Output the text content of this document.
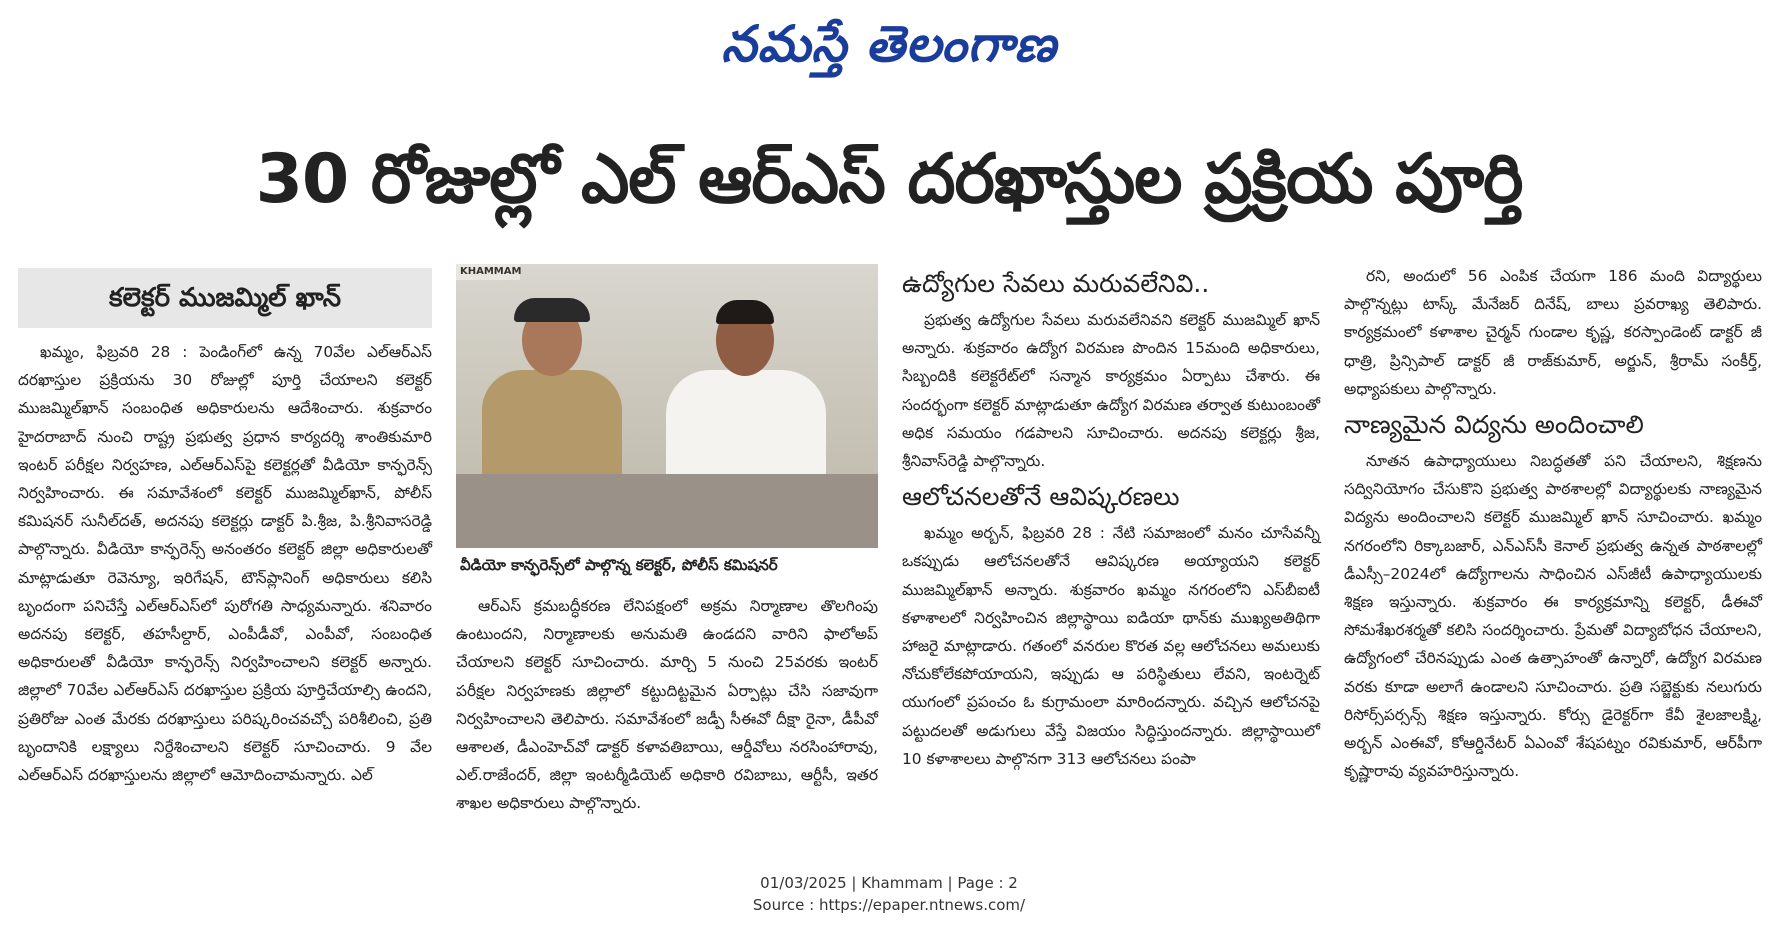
నమస్తే తెలంగాణ
30 రోజుల్లో ఎల్ ఆర్ఎస్ దరఖాస్తుల ప్రక్రియ పూర్తి
కలెక్టర్ ముజమ్మిల్ ఖాన్

ఖమ్మం, ఫిబ్రవరి 28 : పెండింగ్‌లో ఉన్న 70వేల ఎల్ఆర్ఎస్ దరఖాస్తుల ప్రక్రియను 30 రోజుల్లో పూర్తి చేయాలని కలెక్టర్ ముజమ్మిల్‌ఖాన్ సంబంధిత అధికారులను ఆదేశించారు. శుక్రవారం హైదరాబాద్ నుంచి రాష్ట్ర ప్రభుత్వ ప్రధాన కార్యదర్శి శాంతికుమారి ఇంటర్ పరీక్షల నిర్వహణ, ఎల్ఆర్ఎస్‌పై కలెక్టర్లతో వీడియో కాన్ఫరెన్స్ నిర్వహించారు. ఈ సమావేశంలో కలెక్టర్ ముజమ్మిల్‌ఖాన్, పోలీస్ కమిషనర్ సునీల్‌దత్, అదనపు కలెక్టర్లు డాక్టర్ పి.శ్రీజ, పి.శ్రీనివాసరెడ్డి పాల్గొన్నారు. వీడియో కాన్ఫరెన్స్ అనంతరం కలెక్టర్ జిల్లా అధికారులతో మాట్లాడుతూ రెవెన్యూ, ఇరిగేషన్, టౌన్‌ప్లానింగ్ అధికారులు కలిసి బృందంగా పనిచేస్తే ఎల్ఆర్ఎస్‌లో పురోగతి సాధ్యమన్నారు. శనివారం అదనపు కలెక్టర్, తహసీల్దార్, ఎంపీడీవో, ఎంపీవో, సంబంధిత అధికారులతో వీడియో కాన్ఫరెన్స్ నిర్వహించాలని కలెక్టర్ అన్నారు. జిల్లాలో 70వేల ఎల్ఆర్ఎస్ దరఖాస్తుల ప్రక్రియ పూర్తిచేయాల్సి ఉందని, ప్రతిరోజు ఎంత మేరకు దరఖాస్తులు పరిష్కరించవచ్చో పరిశీలించి, ప్రతి బృందానికి లక్ష్యాలు నిర్దేశించాలని కలెక్టర్ సూచించారు. 9 వేల ఎల్ఆర్ఎస్ దరఖాస్తులను జిల్లాలో ఆమోదించామన్నారు. ఎల్

KHAMMAM
వీడియో కాన్ఫరెన్స్‌లో పాల్గొన్న కలెక్టర్, పోలీస్ కమిషనర్

ఆర్ఎస్ క్రమబద్ధీకరణ లేనిపక్షంలో అక్రమ నిర్మాణాల తొలగింపు ఉంటుందని, నిర్మాణాలకు అనుమతి ఉండదని వారిని ఫాలోఅప్ చేయాలని కలెక్టర్ సూచించారు. మార్చి 5 నుంచి 25వరకు ఇంటర్ పరీక్షల నిర్వహణకు జిల్లాలో కట్టుదిట్టమైన ఏర్పాట్లు చేసి సజావుగా నిర్వహించాలని తెలిపారు. సమావేశంలో జడ్పీ సీఈవో దీక్షా రైనా, డీపీవో ఆశాలత, డీఎంహెచ్‌వో డాక్టర్ కళావతిబాయి, ఆర్డీవోలు నరసింహారావు, ఎల్.రాజేందర్, జిల్లా ఇంటర్మీడియెట్ అధికారి రవిబాబు, ఆర్టీసీ, ఇతర శాఖల అధికారులు పాల్గొన్నారు.

ఉద్యోగుల సేవలు మరువలేనివి..

ప్రభుత్వ ఉద్యోగుల సేవలు మరువలేనివని కలెక్టర్ ముజమ్మిల్ ఖాన్ అన్నారు. శుక్రవారం ఉద్యోగ విరమణ పొందిన 15మంది అధికారులు, సిబ్బందికి కలెక్టరేట్‌లో సన్మాన కార్యక్రమం ఏర్పాటు చేశారు. ఈ సందర్భంగా కలెక్టర్ మాట్లాడుతూ ఉద్యోగ విరమణ తర్వాత కుటుంబంతో అధిక సమయం గడపాలని సూచించారు. అదనపు కలెక్టర్లు శ్రీజ, శ్రీనివాస్‌రెడ్డి పాల్గొన్నారు.

ఆలోచనలతోనే ఆవిష్కరణలు

ఖమ్మం అర్బన్, ఫిబ్రవరి 28 : నేటి సమాజంలో మనం చూసేవన్నీ ఒకప్పుడు ఆలోచనలతోనే ఆవిష్కరణ అయ్యాయని కలెక్టర్ ముజమ్మిల్‌ఖాన్ అన్నారు. శుక్రవారం ఖమ్మం నగరంలోని ఎస్‌బీఐటీ కళాశాలలో నిర్వహించిన జిల్లాస్థాయి ఐడియా థాన్‌కు ముఖ్యఅతిథిగా హాజరై మాట్లాడారు. గతంలో వనరుల కొరత వల్ల ఆలోచనలు అమలుకు నోచుకోలేకపోయాయని, ఇప్పుడు ఆ పరిస్థితులు లేవని, ఇంటర్నెట్ యుగంలో ప్రపంచం ఓ కుగ్రామంలా మారిందన్నారు. వచ్చిన ఆలోచనపై పట్టుదలతో అడుగులు వేస్తే విజయం సిద్ధిస్తుందన్నారు. జిల్లాస్థాయిలో 10 కళాశాలలు పాల్గొనగా 313 ఆలోచనలు పంపా

రని, అందులో 56 ఎంపిక చేయగా 186 మంది విద్యార్థులు పాల్గొన్నట్లు టాస్క్ మేనేజర్ దినేష్, బాలు ప్రవరాఖ్య తెలిపారు. కార్యక్రమంలో కళాశాల చైర్మన్ గుండాల కృష్ణ, కరస్పాండెంట్ డాక్టర్ జీ ధాత్రి, ప్రిన్సిపాల్ డాక్టర్ జీ రాజ్‌కుమార్, అర్జున్, శ్రీరామ్ సంకీర్త్, అధ్యాపకులు పాల్గొన్నారు.

నాణ్యమైన విద్యను అందించాలి

నూతన ఉపాధ్యాయులు నిబద్ధతతో పని చేయాలని, శిక్షణను సద్వినియోగం చేసుకొని ప్రభుత్వ పాఠశాలల్లో విద్యార్థులకు నాణ్యమైన విద్యను అందించాలని కలెక్టర్ ముజమ్మిల్ ఖాన్ సూచించారు. ఖమ్మం నగరంలోని రిక్కాబజార్, ఎన్ఎస్‌సీ కెనాల్ ప్రభుత్వ ఉన్నత పాఠశాలల్లో డీఎస్సీ–2024లో ఉద్యోగాలను సాధించిన ఎస్‌జీటీ ఉపాధ్యాయులకు శిక్షణ ఇస్తున్నారు. శుక్రవారం ఈ కార్యక్రమాన్ని కలెక్టర్, డీఈవో సోమశేఖరశర్మతో కలిసి సందర్శించారు. ప్రేమతో విద్యాబోధన చేయాలని, ఉద్యోగంలో చేరినప్పుడు ఎంత ఉత్సాహంతో ఉన్నారో, ఉద్యోగ విరమణ వరకు కూడా అలాగే ఉండాలని సూచించారు. ప్రతి సబ్జెక్టుకు నలుగురు రిసోర్స్‌పర్సన్స్ శిక్షణ ఇస్తున్నారు. కోర్సు డైరెక్టర్‌గా కేవీ శైలజాలక్ష్మి, అర్బన్ ఎంఈవో, కోఆర్డినేటర్ ఏఎంవో శేషపట్నం రవికుమార్, ఆర్‌పీగా కృష్ణారావు వ్యవహరిస్తున్నారు.

01/03/2025 | Khammam | Page : 2
Source : https://epaper.ntnews.com/
